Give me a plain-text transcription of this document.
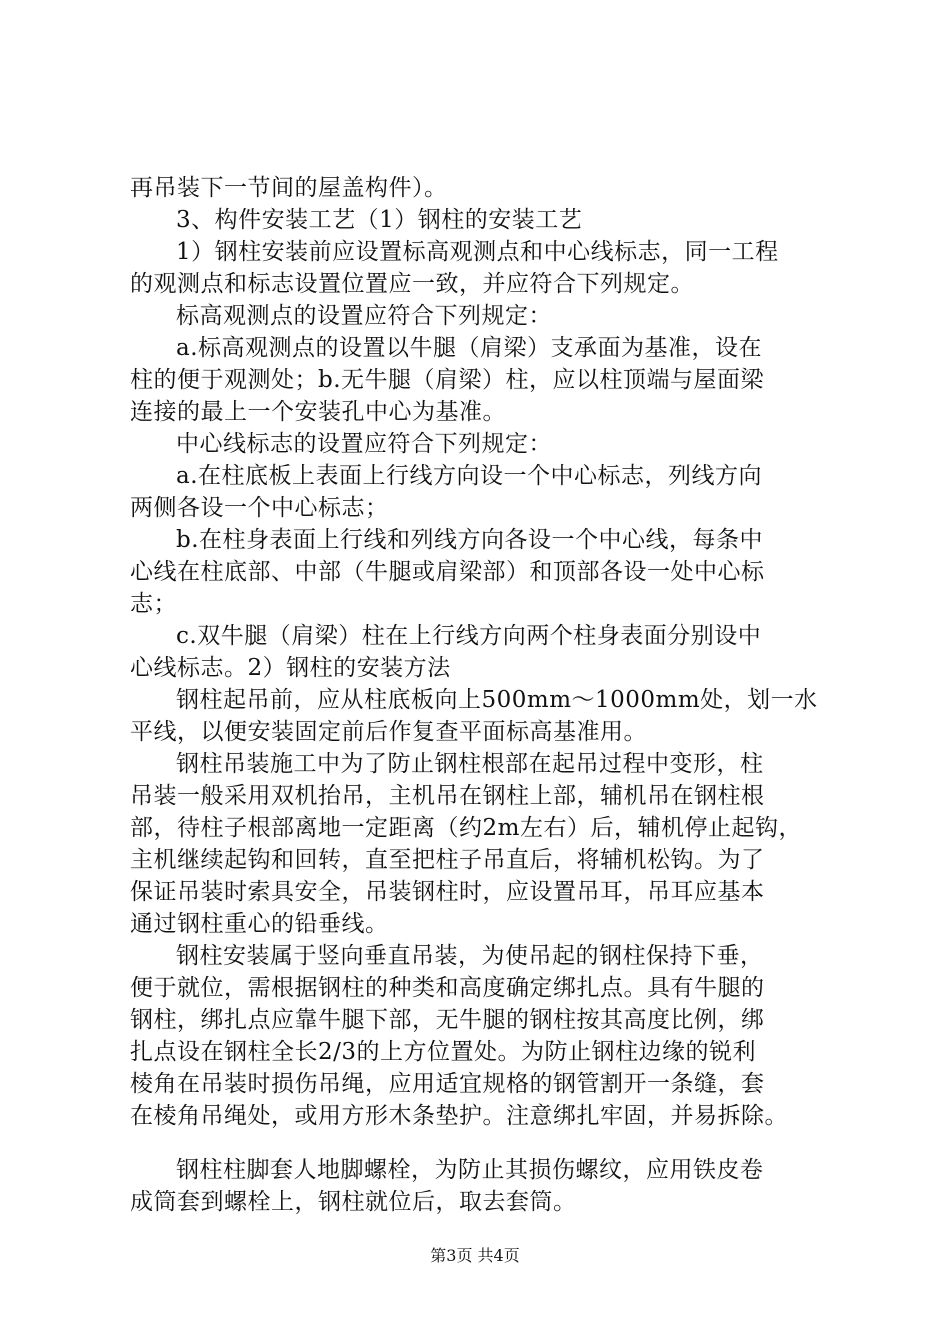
再吊装下一节间的屋盖构件）。
3、构件安装工艺（1）钢柱的安装工艺
1）钢柱安装前应设置标高观测点和中心线标志，同一工程
的观测点和标志设置位置应一致，并应符合下列规定。
标高观测点的设置应符合下列规定：
a.标高观测点的设置以牛腿（肩梁）支承面为基准，设在
柱的便于观测处；b.无牛腿（肩梁）柱，应以柱顶端与屋面梁
连接的最上一个安装孔中心为基准。
中心线标志的设置应符合下列规定：
a.在柱底板上表面上行线方向设一个中心标志，列线方向
两侧各设一个中心标志；
b.在柱身表面上行线和列线方向各设一个中心线，每条中
心线在柱底部、中部（牛腿或肩梁部）和顶部各设一处中心标
志；
c.双牛腿（肩梁）柱在上行线方向两个柱身表面分别设中
心线标志。2）钢柱的安装方法
钢柱起吊前，应从柱底板向上500mm～1000mm处，划一水
平线，以便安装固定前后作复查平面标高基准用。
钢柱吊装施工中为了防止钢柱根部在起吊过程中变形，柱
吊装一般采用双机抬吊，主机吊在钢柱上部，辅机吊在钢柱根
部，待柱子根部离地一定距离（约2m左右）后，辅机停止起钩，
主机继续起钩和回转，直至把柱子吊直后，将辅机松钩。为了
保证吊装时索具安全，吊装钢柱时，应设置吊耳，吊耳应基本
通过钢柱重心的铅垂线。
钢柱安装属于竖向垂直吊装，为使吊起的钢柱保持下垂，
便于就位，需根据钢柱的种类和高度确定绑扎点。具有牛腿的
钢柱，绑扎点应靠牛腿下部，无牛腿的钢柱按其高度比例，绑
扎点设在钢柱全长2/3的上方位置处。为防止钢柱边缘的锐利
棱角在吊装时损伤吊绳，应用适宜规格的钢管割开一条缝，套
在棱角吊绳处，或用方形木条垫护。注意绑扎牢固，并易拆除。
钢柱柱脚套人地脚螺栓，为防止其损伤螺纹，应用铁皮卷
成筒套到螺栓上，钢柱就位后，取去套筒。
第3页 共4页
